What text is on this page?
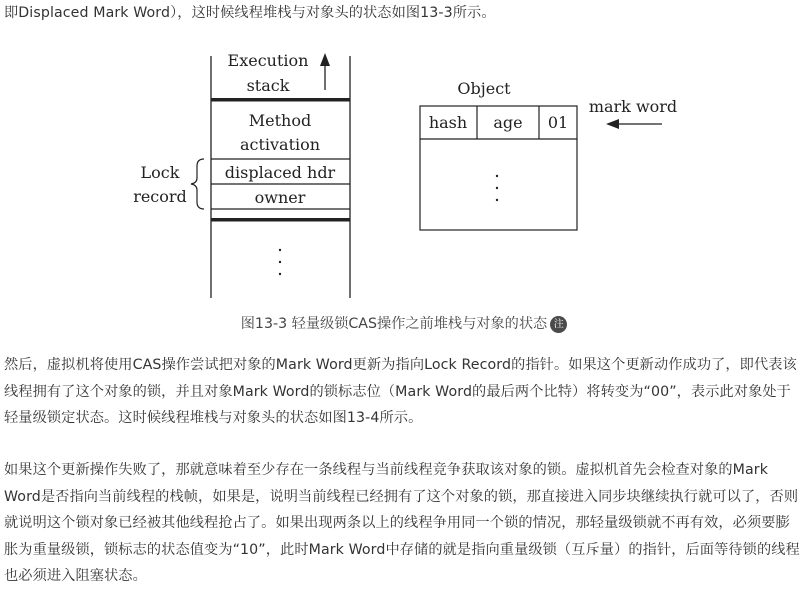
即Displaced Mark Word），这时候线程堆栈与对象头的状态如图13-3所示。

Execution
stack
Method
activation
displaced hdr
owner
Lock
record
Object
hash age 01
mark word
图13-3 轻量级锁CAS操作之前堆栈与对象的状态 注

然后，虚拟机将使用CAS操作尝试把对象的Mark Word更新为指向Lock Record的指针。如果这个更新动作成功了，即代表该线程拥有了这个对象的锁，并且对象Mark Word的锁标志位（Mark Word的最后两个比特）将转变为“00”，表示此对象处于轻量级锁定状态。这时候线程堆栈与对象头的状态如图13-4所示。

如果这个更新操作失败了，那就意味着至少存在一条线程与当前线程竞争获取该对象的锁。虚拟机首先会检查对象的Mark Word是否指向当前线程的栈帧，如果是，说明当前线程已经拥有了这个对象的锁，那直接进入同步块继续执行就可以了，否则就说明这个锁对象已经被其他线程抢占了。如果出现两条以上的线程争用同一个锁的情况，那轻量级锁就不再有效，必须要膨胀为重量级锁，锁标志的状态值变为“10”，此时Mark Word中存储的就是指向重量级锁（互斥量）的指针，后面等待锁的线程也必须进入阻塞状态。
